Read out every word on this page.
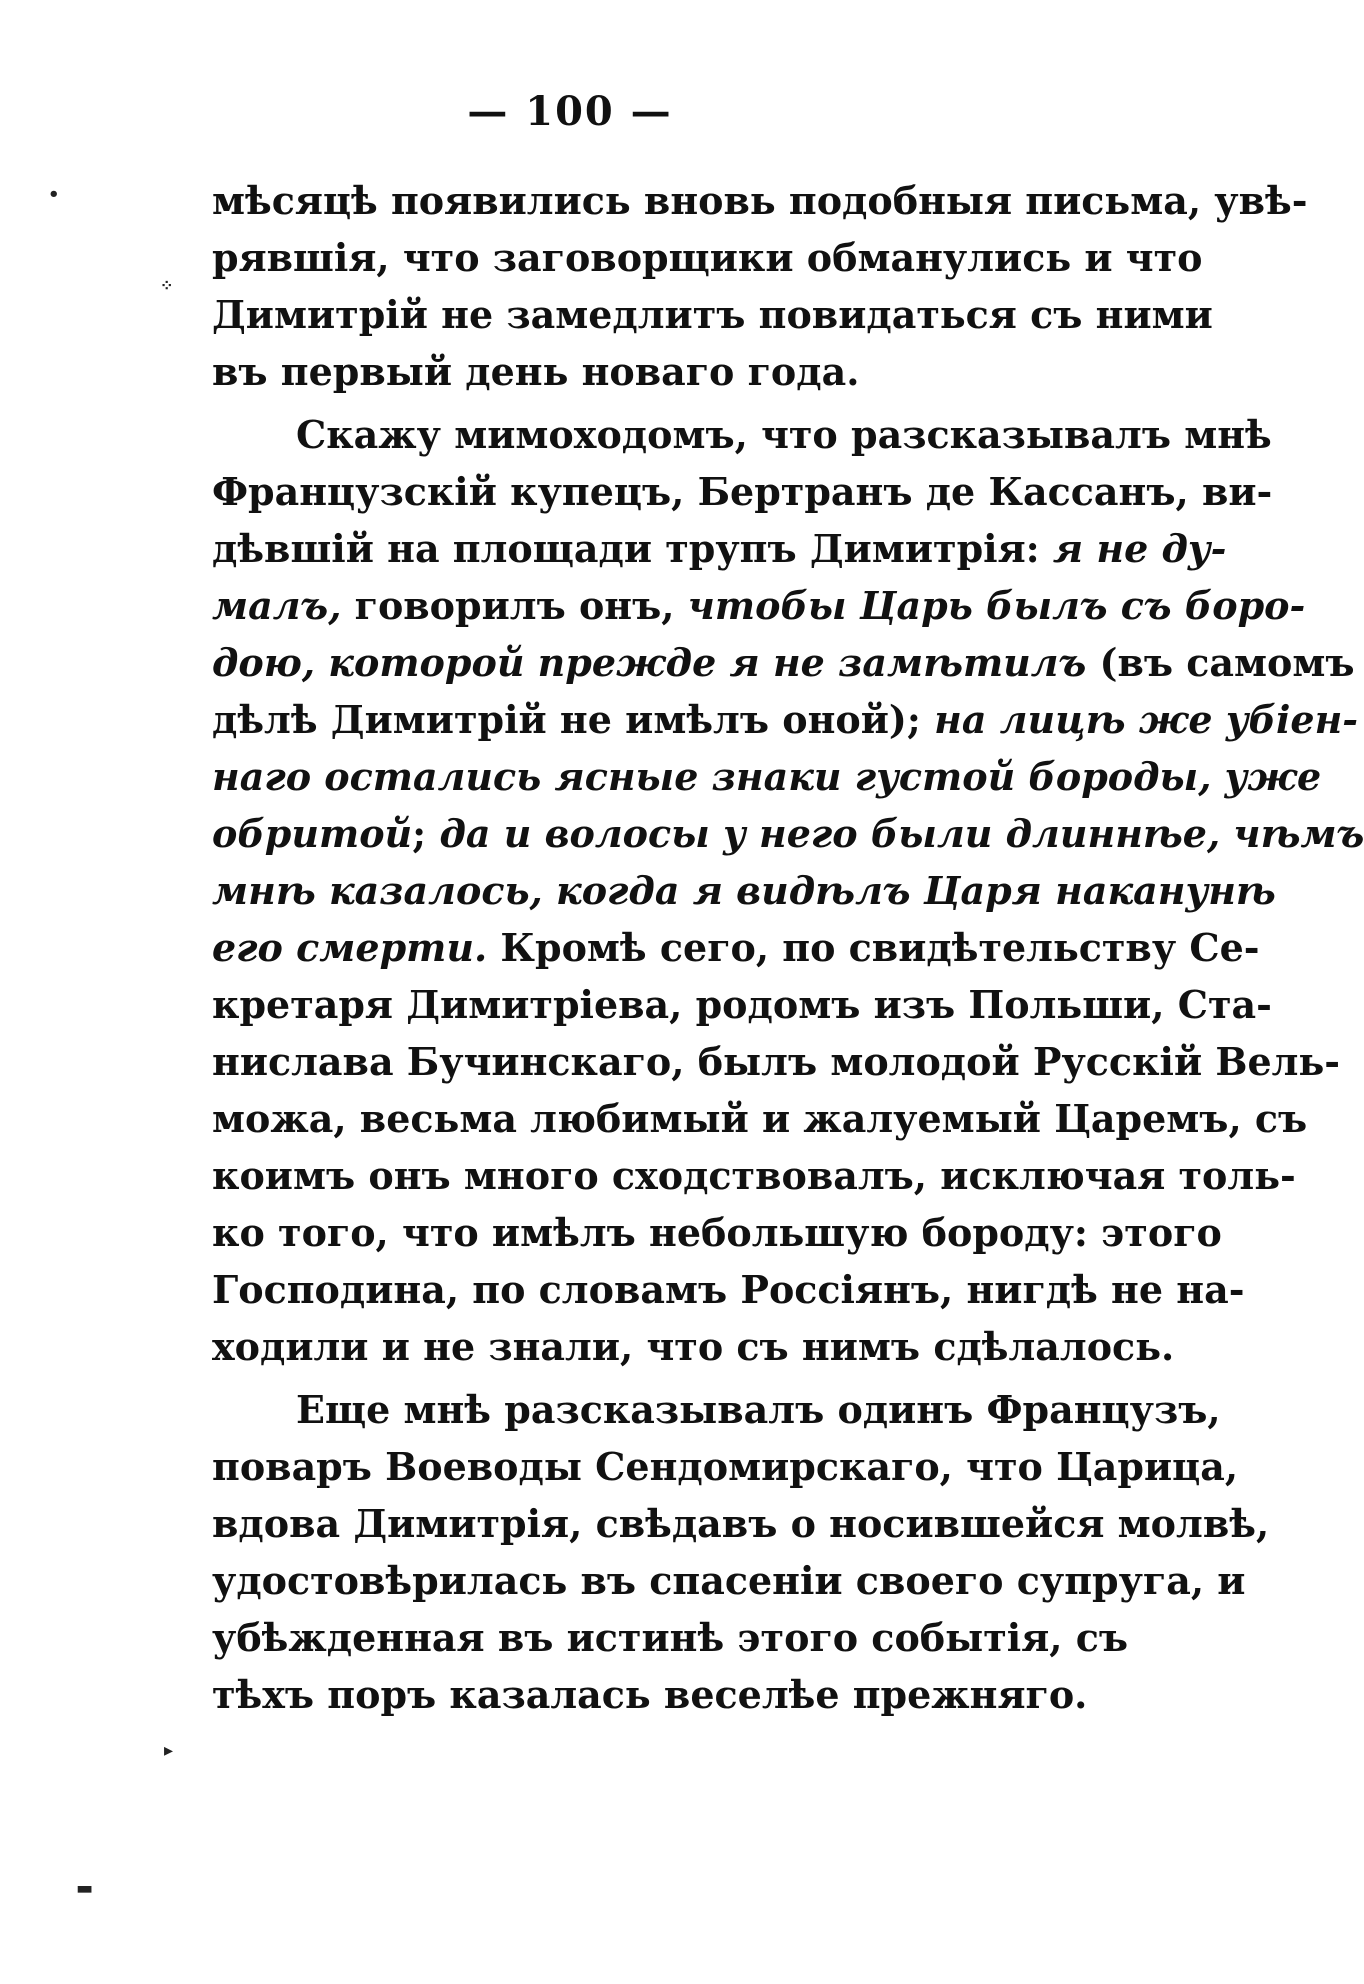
— 100 —
мѣсяцѣ появились вновь подобныя письма, увѣ-
рявшія, что заговорщики обманулись и что
Димитрій не замедлитъ повидаться съ ними
въ первый день новаго года.
Скажу мимоходомъ, что разсказывалъ мнѣ
Французскій купецъ, Бертранъ де Кассанъ, ви-
дѣвшій на площади трупъ Димитрія: я не ду-
малъ, говорилъ онъ, чтобы Царь былъ съ боро-
дою, которой прежде я не замѣтилъ (въ самомъ
дѣлѣ Димитрій не имѣлъ оной); на лицѣ же убіен-
наго остались ясные знаки густой бороды, уже
обритой; да и волосы у него были длиннѣе, чѣмъ
мнѣ казалось, когда я видѣлъ Царя наканунѣ
его смерти. Кромѣ сего, по свидѣтельству Се-
кретаря Димитріева, родомъ изъ Польши, Ста-
нислава Бучинскаго, былъ молодой Русскій Вель-
можа, весьма любимый и жалуемый Царемъ, съ
коимъ онъ много сходствовалъ, исключая толь-
ко того, что имѣлъ небольшую бороду: этого
Господина, по словамъ Россіянъ, нигдѣ не на-
ходили и не знали, что съ нимъ сдѣлалось.
Еще мнѣ разсказывалъ одинъ Французъ,
поваръ Воеводы Сендомирскаго, что Царица,
вдова Димитрія, свѣдавъ о носившейся молвѣ,
удостовѣрилась въ спасеніи своего супруга, и
убѣжденная въ истинѣ этого событія, съ
тѣхъ поръ казалась веселѣе прежняго.
•
⁘
▸
▬
